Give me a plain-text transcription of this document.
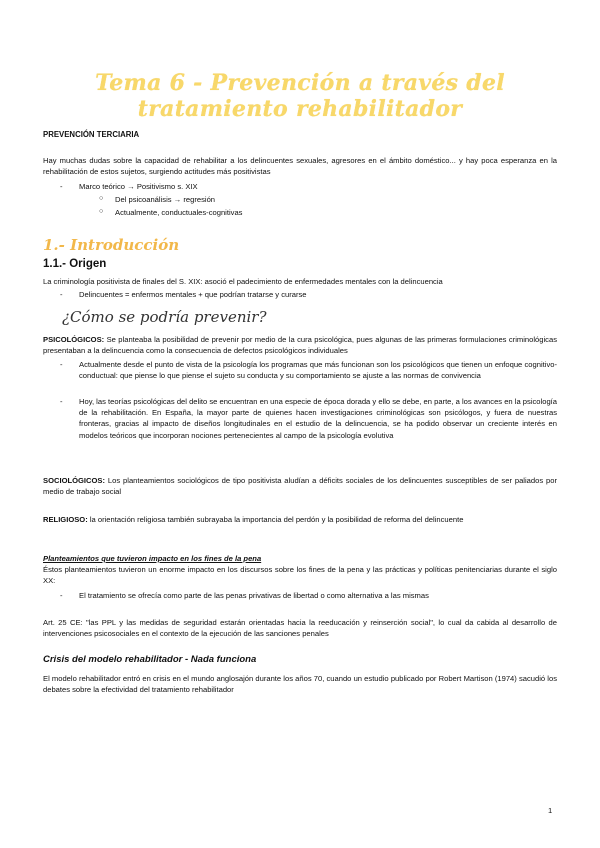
Tema 6 - Prevención a través del tratamiento rehabilitador
PREVENCIÓN TERCIARIA
Hay muchas dudas sobre la capacidad de rehabilitar a los delincuentes sexuales, agresores en el ámbito doméstico... y hay poca esperanza en la rehabilitación de estos sujetos, surgiendo actitudes más positivistas
-	Marco teórico → Positivismo s. XIX
○	Del psicoanálisis → regresión
○	Actualmente, conductuales-cognitivas
1.- Introducción
1.1.- Origen
La criminología positivista de finales del S. XIX: asoció el padecimiento de enfermedades mentales con la delincuencia
-	Delincuentes = enfermos mentales + que podrían tratarse y curarse
¿Cómo se podría prevenir?
PSICOLÓGICOS: Se planteaba la posibilidad de prevenir por medio de la cura psicológica, pues algunas de las primeras formulaciones criminológicas presentaban a la delincuencia como la consecuencia de defectos psicológicos individuales
-	Actualmente desde el punto de vista de la psicología los programas que más funcionan son los psicológicos que tienen un enfoque cognitivo-conductual: que piense lo que piense el sujeto su conducta y su comportamiento se ajuste a las normas de convivencia
-	Hoy, las teorías psicológicas del delito se encuentran en una especie de época dorada y ello se debe, en parte, a los avances en la psicología de la rehabilitación. En España, la mayor parte de quienes hacen investigaciones criminológicas son psicólogos, y fuera de nuestras fronteras, gracias al impacto de diseños longitudinales en el estudio de la delincuencia, se ha podido observar un creciente interés en modelos teóricos que incorporan nociones pertenecientes al campo de la psicología evolutiva
SOCIOLÓGICOS: Los planteamientos sociológicos de tipo positivista aludían a déficits sociales de los delincuentes susceptibles de ser paliados por medio de trabajo social
RELIGIOSO: la orientación religiosa también subrayaba la importancia del perdón y la posibilidad de reforma del delincuente
Planteamientos que tuvieron impacto en los fines de la pena
Éstos planteamientos tuvieron un enorme impacto en los discursos sobre los fines de la pena y las prácticas y políticas penitenciarias durante el siglo XX:
-	El tratamiento se ofrecía como parte de las penas privativas de libertad o como alternativa a las mismas
Art. 25 CE: "las PPL y las medidas de seguridad estarán orientadas hacia la reeducación y reinserción social", lo cual da cabida al desarrollo de intervenciones psicosociales en el contexto de la ejecución de las sanciones penales
Crisis del modelo rehabilitador - Nada funciona
El modelo rehabilitador entró en crisis en el mundo anglosajón durante los años 70, cuando un estudio publicado por Robert Martison (1974) sacudió los debates sobre la efectividad del tratamiento rehabilitador
1
